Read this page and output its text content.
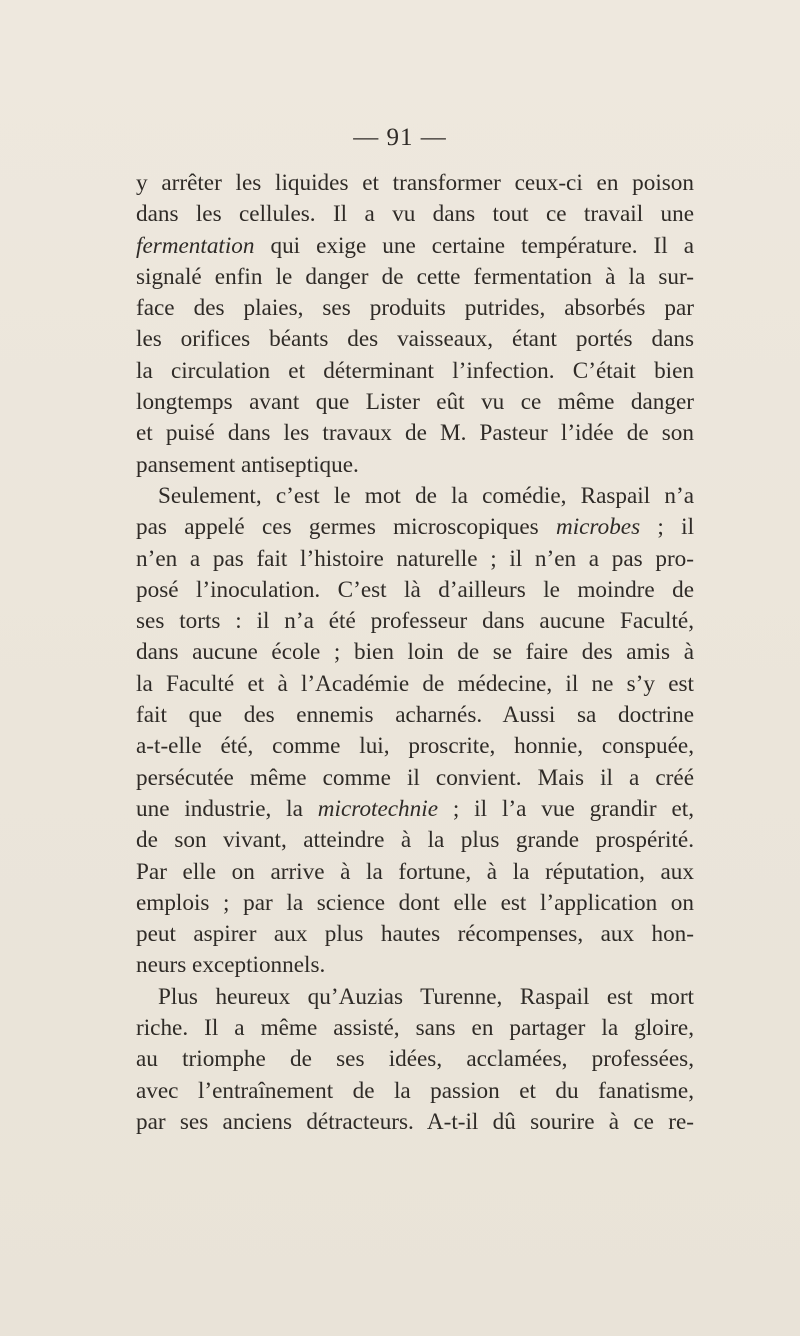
— 91 —
y arrêter les liquides et transformer ceux-ci en poison
dans les cellules. Il a vu dans tout ce travail une
fermentation qui exige une certaine température. Il a
signalé enfin le danger de cette fermentation à la sur-
face des plaies, ses produits putrides, absorbés par
les orifices béants des vaisseaux, étant portés dans
la circulation et déterminant l’infection. C’était bien
longtemps avant que Lister eût vu ce même danger
et puisé dans les travaux de M. Pasteur l’idée de son
pansement antiseptique.
Seulement, c’est le mot de la comédie, Raspail n’a
pas appelé ces germes microscopiques microbes ; il
n’en a pas fait l’histoire naturelle ; il n’en a pas pro-
posé l’inoculation. C’est là d’ailleurs le moindre de
ses torts : il n’a été professeur dans aucune Faculté,
dans aucune école ; bien loin de se faire des amis à
la Faculté et à l’Académie de médecine, il ne s’y est
fait que des ennemis acharnés. Aussi sa doctrine
a-t-elle été, comme lui, proscrite, honnie, conspuée,
persécutée même comme il convient. Mais il a créé
une industrie, la microtechnie ; il l’a vue grandir et,
de son vivant, atteindre à la plus grande prospérité.
Par elle on arrive à la fortune, à la réputation, aux
emplois ; par la science dont elle est l’application on
peut aspirer aux plus hautes récompenses, aux hon-
neurs exceptionnels.
Plus heureux qu’Auzias Turenne, Raspail est mort
riche. Il a même assisté, sans en partager la gloire,
au triomphe de ses idées, acclamées, professées,
avec l’entraînement de la passion et du fanatisme,
par ses anciens détracteurs. A-t-il dû sourire à ce re-
